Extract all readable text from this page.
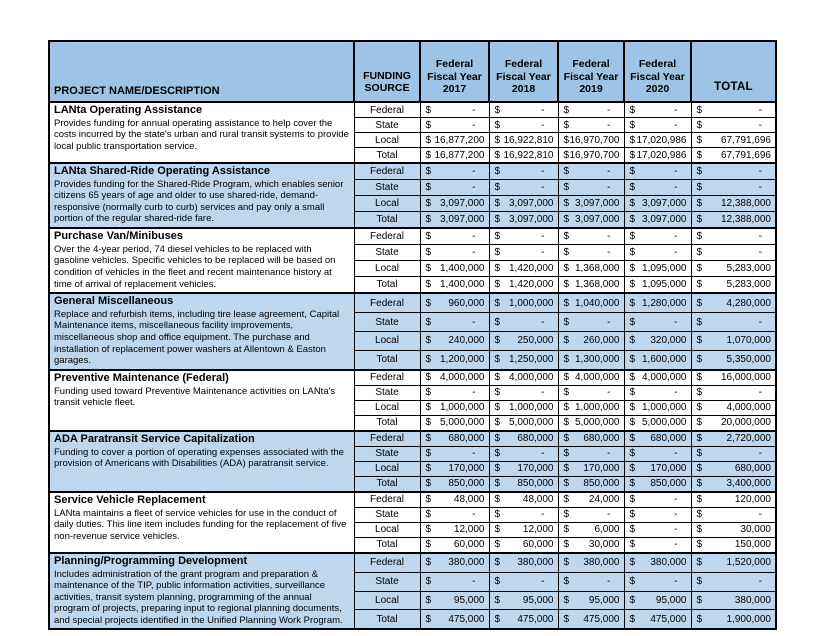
PROJECT NAME/DESCRIPTION	FUNDING SOURCE	Federal Fiscal Year 2017	Federal Fiscal Year 2018	Federal Fiscal Year 2019	Federal Fiscal Year 2020	TOTAL

LANta Operating Assistance
Provides funding for annual operating assistance to help cover the costs incurred by the state's urban and rural transit systems to provide local public transportation service.
	Federal	$	-	$	-	$	-	$	-	$	-

	State	$ -	$ -	$ -	$ -	$ -

	Local	$ 16,877,200	$ 16,922,810	$ 16,970,700	$ 17,020,986	$ 67,791,696

	Total	$ 16,877,200	$ 16,922,810	$ 16,970,700	$ 17,020,986	$ 67,791,696

LANta Shared-Ride Operating Assistance
Provides funding for the Shared-Ride Program, which enables senior citizens 65 years of age and older to use shared-ride, demand-responsive (normally curb to curb) services and pay only a small portion of the regular shared-ride fare.
	Federal	$	-	$	-	$	-	$	-	$	-

	State	$ -	$ -	$ -	$ -	$ -

	Local	$ 3,097,000	$ 3,097,000	$ 3,097,000	$ 3,097,000	$ 12,388,000

	Total	$ 3,097,000	$ 3,097,000	$ 3,097,000	$ 3,097,000	$ 12,388,000

Purchase Van/Minibuses
Over the 4-year period, 74 diesel vehicles to be replaced with gasoline vehicles. Specific vehicles to be replaced will be based on condition of vehicles in the fleet and recent maintenance history at time of arrival of replacement vehicles.
	Federal	$	-	$	-	$	-	$	-	$	-

	State	$ -	$ -	$ -	$ -	$ -

	Local	$ 1,400,000	$ 1,420,000	$ 1,368,000	$ 1,095,000	$ 5,283,000

	Total	$ 1,400,000	$ 1,420,000	$ 1,368,000	$ 1,095,000	$ 5,283,000

General Miscellaneous
Replace and refurbish items, including tire lease agreement, Capital Maintenance items, miscellaneous facility improvements, miscellaneous shop and office equipment. The purchase and installation of replacement power washers at Allentown & Easton garages.
	Federal	$ 960,000	$ 1,000,000	$ 1,040,000	$ 1,280,000	$ 4,280,000

	State	$ -	$ -	$ -	$ -	$ -

	Local	$ 240,000	$ 250,000	$ 260,000	$ 320,000	$ 1,070,000

	Total	$ 1,200,000	$ 1,250,000	$ 1,300,000	$ 1,600,000	$ 5,350,000

Preventive Maintenance (Federal)
Funding used toward Preventive Maintenance activities on LANta's transit vehicle fleet.
	Federal	$ 4,000,000	$ 4,000,000	$ 4,000,000	$ 4,000,000	$ 16,000,000

	State	$ -	$ -	$ -	$ -	$ -

	Local	$ 1,000,000	$ 1,000,000	$ 1,000,000	$ 1,000,000	$ 4,000,000

	Total	$ 5,000,000	$ 5,000,000	$ 5,000,000	$ 5,000,000	$ 20,000,000

ADA Paratransit Service Capitalization
Funding to cover a portion of operating expenses associated with the provision of Americans with Disabilities (ADA) paratransit service.
	Federal	$ 680,000	$ 680,000	$ 680,000	$ 680,000	$ 2,720,000

	State	$ -	$ -	$ -	$ -	$ -

	Local	$ 170,000	$ 170,000	$ 170,000	$ 170,000	$ 680,000

	Total	$ 850,000	$ 850,000	$ 850,000	$ 850,000	$ 3,400,000

Service Vehicle Replacement
LANta maintains a fleet of service vehicles for use in the conduct of daily duties. This line item includes funding for the replacement of five non-revenue service vehicles.
	Federal	$ 48,000	$ 48,000	$ 24,000	$	-	$	120,000

	State	$ -	$ -	$ -	$ -	$ -

	Local	$ 12,000	$ 12,000	$ 6,000	$ -	$ 30,000

	Total	$ 60,000	$ 60,000	$ 30,000	$ -	$ 150,000

Planning/Programming Development
Includes administration of the grant program and preparation & maintenance of the TIP, public information activities, surveillance activities, transit system planning, programming of the annual program of projects, preparing input to regional planning documents, and special projects identified in the Unified Planning Work Program.
	Federal	$ 380,000	$ 380,000	$ 380,000	$ 380,000	$ 1,520,000

	State	$ -	$ -	$ -	$ -	$ -

	Local	$ 95,000	$ 95,000	$ 95,000	$ 95,000	$ 380,000

	Total	$ 475,000	$ 475,000	$ 475,000	$ 475,000	$ 1,900,000
